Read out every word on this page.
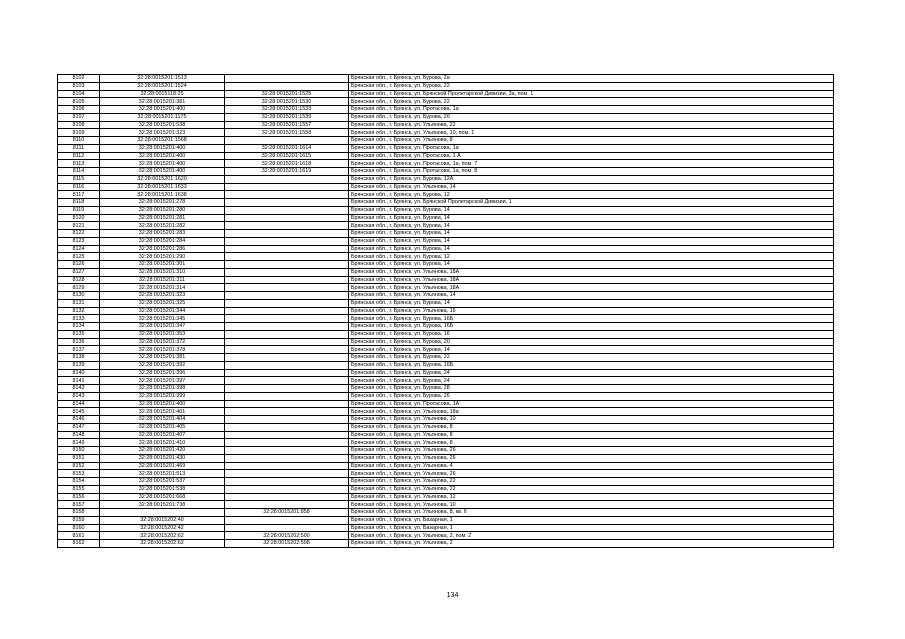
8102	32:28:0015201:1513		Брянская обл., г. Брянск, ул. Бурова, 2а
8103	32:28:0015201:1524		Брянская обл., г. Брянск, ул. Бурова, 22
8104	32:28:0015118:25	32:28:0015201:1525	Брянская обл., г. Брянск, ул. Брянской Пролетарской Дивизии, 3а, пом. 1
8105	32:28:0015201:381	32:28:0015201:1530	Брянская обл., г. Брянск, ул. Бурова, 22
8106	32:28:0015201:400	32:28:0015201:1533	Брянская обл., г. Брянск, ул. Протасова, 1а
8107	32:28:0015201:1175	32:28:0015201:1539	Брянская обл., г. Брянск, ул. Бурова, 2б
8108	32:28:0015201:538	32:28:0015201:1557	Брянская обл., г. Брянск, ул. Ульянова, 22
8109	32:28:0015201:323	32:28:0015201:1558	Брянская обл., г. Брянск, ул. Ульянова, 10, пом. 1
8110	32:28:0015201:1568		Брянская обл., г. Брянск, ул. Ульянова, 8
8111	32:28:0015201:400	32:28:0015201:1614	Брянская обл., г. Брянск, ул. Протасова, 1а
8112	32:28:0015201:400	32:28:0015201:1615	Брянская обл., г. Брянск, ул. Протасова, 1 А
8113	32:28:0015201:400	32:28:0015201:1618	Брянская обл., г. Брянск, ул. Протасова, 1а, пом. 7
8114	32:28:0015201:400	32:28:0015201:1619	Брянская обл., г. Брянск, ул. Протасова, 1а, пом. 8
8115	32:28:0015201:1620		Брянская обл., г. Брянск, ул. Бурова, 12А
8116	32:28:0015201:1633		Брянская обл., г. Брянск, ул. Ульянова, 14
8117	32:28:0015201:1638		Брянская обл., г. Брянск, ул. Бурова, 12
8118	32:28:0015201:278		Брянская обл., г. Брянск, ул. Брянской Пролетарской Дивизии, 1
8119	32:28:0015201:280		Брянская обл., г. Брянск, ул. Бурова, 14
8120	32:28:0015201:281		Брянская обл., г. Брянск, ул. Бурова, 14
8121	32:28:0015201:282		Брянская обл., г. Брянск, ул. Бурова, 14
8122	32:28:0015201:283		Брянская обл., г. Брянск, ул. Бурова, 14
8123	32:28:0015201:284		Брянская обл., г. Брянск, ул. Бурова, 14
8124	32:28:0015201:286		Брянская обл., г. Брянск, ул. Бурова, 14
8125	32:28:0015201:290		Брянская обл., г. Брянск, ул. Бурова, 12
8126	32:28:0015201:301		Брянская обл., г. Брянск, ул. Бурова, 14
8127	32:28:0015201:310		Брянская обл., г. Брянск, ул. Ульянова, 18А
8128	32:28:0015201:311		Брянская обл., г. Брянск, ул. Ульянова, 18А
8129	32:28:0015201:314		Брянская обл., г. Брянск, ул. Ульянова, 18А
8130	32:28:0015201:323		Брянская обл., г. Брянск, ул. Ульянова, 14
8131	32:28:0015201:325		Брянская обл., г. Брянск, ул. Бурова, 14
8132	32:28:0015201:344		Брянская обл., г. Брянск, ул. Ульянова, 16
8133	32:28:0015201:345		Брянская обл., г. Брянск, ул. Бурова, 16Б
8134	32:28:0015201:347		Брянская обл., г. Брянск, ул. Бурова, 16Б
8135	32:28:0015201:353		Брянская обл., г. Брянск, ул. Бурова, 16
8136	32:28:0015201:372		Брянская обл., г. Брянск, ул. Бурова, 20
8137	32:28:0015201:378		Брянская обл., г. Брянск, ул. Бурова, 14
8138	32:28:0015201:381		Брянская обл., г. Брянск, ул. Бурова, 22
8139	32:28:0015201:392		Брянская обл., г. Брянск, ул. Бурова, 16Б
8140	32:28:0015201:396		Брянская обл., г. Брянск, ул. Бурова, 24
8141	32:28:0015201:397		Брянская обл., г. Брянск, ул. Бурова, 24
8142	32:28:0015201:398		Брянская обл., г. Брянск, ул. Бурова, 28
8143	32:28:0015201:399		Брянская обл., г. Брянск, ул. Бурова, 26
8144	32:28:0015201:400		Брянская обл., г. Брянск, ул. Протасова, 1А
8145	32:28:0015201:401		Брянская обл., г. Брянск, ул. Ульянова, 18а
8146	32:28:0015201:404		Брянская обл., г. Брянск, ул. Ульянова, 10
8147	32:28:0015201:405		Брянская обл., г. Брянск, ул. Ульянова, 8
8148	32:28:0015201:407		Брянская обл., г. Брянск, ул. Ульянова, 8
8149	32:28:0015201:410		Брянская обл., г. Брянск, ул. Ульянова, 8
8150	32:28:0015201:420		Брянская обл., г. Брянск, ул. Ульянова, 26
8151	32:28:0015201:430		Брянская обл., г. Брянск, ул. Ульянова, 26
8152	32:28:0015201:469		Брянская обл., г. Брянск, ул. Ульянова, 4
8153	32:28:0015201:513		Брянская обл., г. Брянск, ул. Ульянова, 26
8154	32:28:0015201:537		Брянская обл., г. Брянск, ул. Ульянова, 22
8155	32:28:0015201:538		Брянская обл., г. Брянск, ул. Ульянова, 22
8156	32:28:0015201:668		Брянская обл., г. Брянск, ул. Ульянова, 12
8157	32:28:0015201:738		Брянская обл., г. Брянск, ул. Ульянова, 10
8158		32:28:0015201:858	Брянская обл., г. Брянск, ул. Ульянова, 8, кв. II
8159	32:28:0015202:40		Брянская обл., г. Брянск, ул. Базарная, 1
8160	32:28:0015202:42		Брянская обл., г. Брянск, ул. Базарная, 1
8161	32:28:0015202:62	32:28:0015202:500	Брянская обл., г. Брянск, ул. Ульянова, 2, пом. 2
8162	32:28:0015202:62	32:28:0015202:598	Брянская обл., г. Брянск, ул. Ульянова, 2
134
